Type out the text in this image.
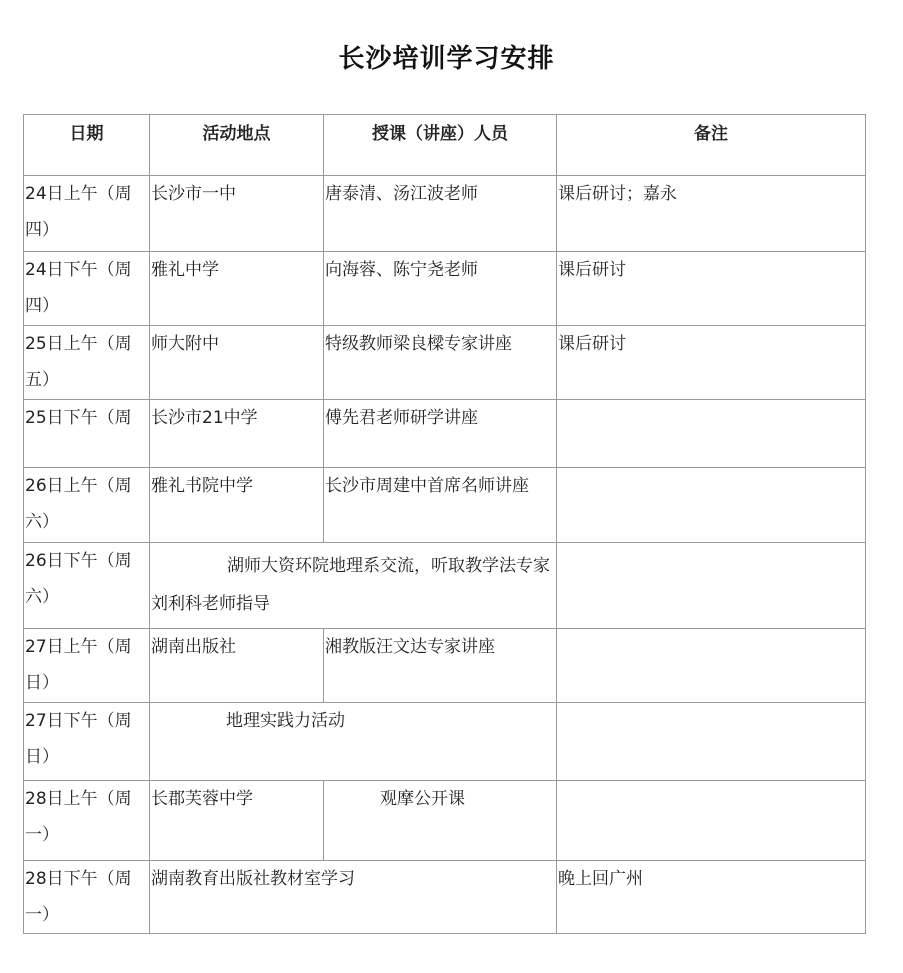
长沙培训学习安排
日期	活动地点	授课（讲座）人员	备注

24日上午（周四）	长沙市一中	唐泰清、汤江波老师	课后研讨；嘉永

24日下午（周四）	雅礼中学	向海蓉、陈宁尧老师	课后研讨

25日上午（周五）	师大附中	特级教师梁良樑专家讲座	课后研讨

25日下午（周	长沙市21中学	傅先君老师研学讲座	

26日上午（周六）	雅礼书院中学	长沙市周建中首席名师讲座	

26日下午（周六）	湖师大资环院地理系交流，听取教学法专家刘利科老师指导		

27日上午（周日）	湖南出版社	湘教版汪文达专家讲座	

27日下午（周日）	地理实践力活动		

28日上午（周一）	长郡芙蓉中学	观摩公开课	

28日下午（周一）	湖南教育出版社教材室学习		晚上回广州
